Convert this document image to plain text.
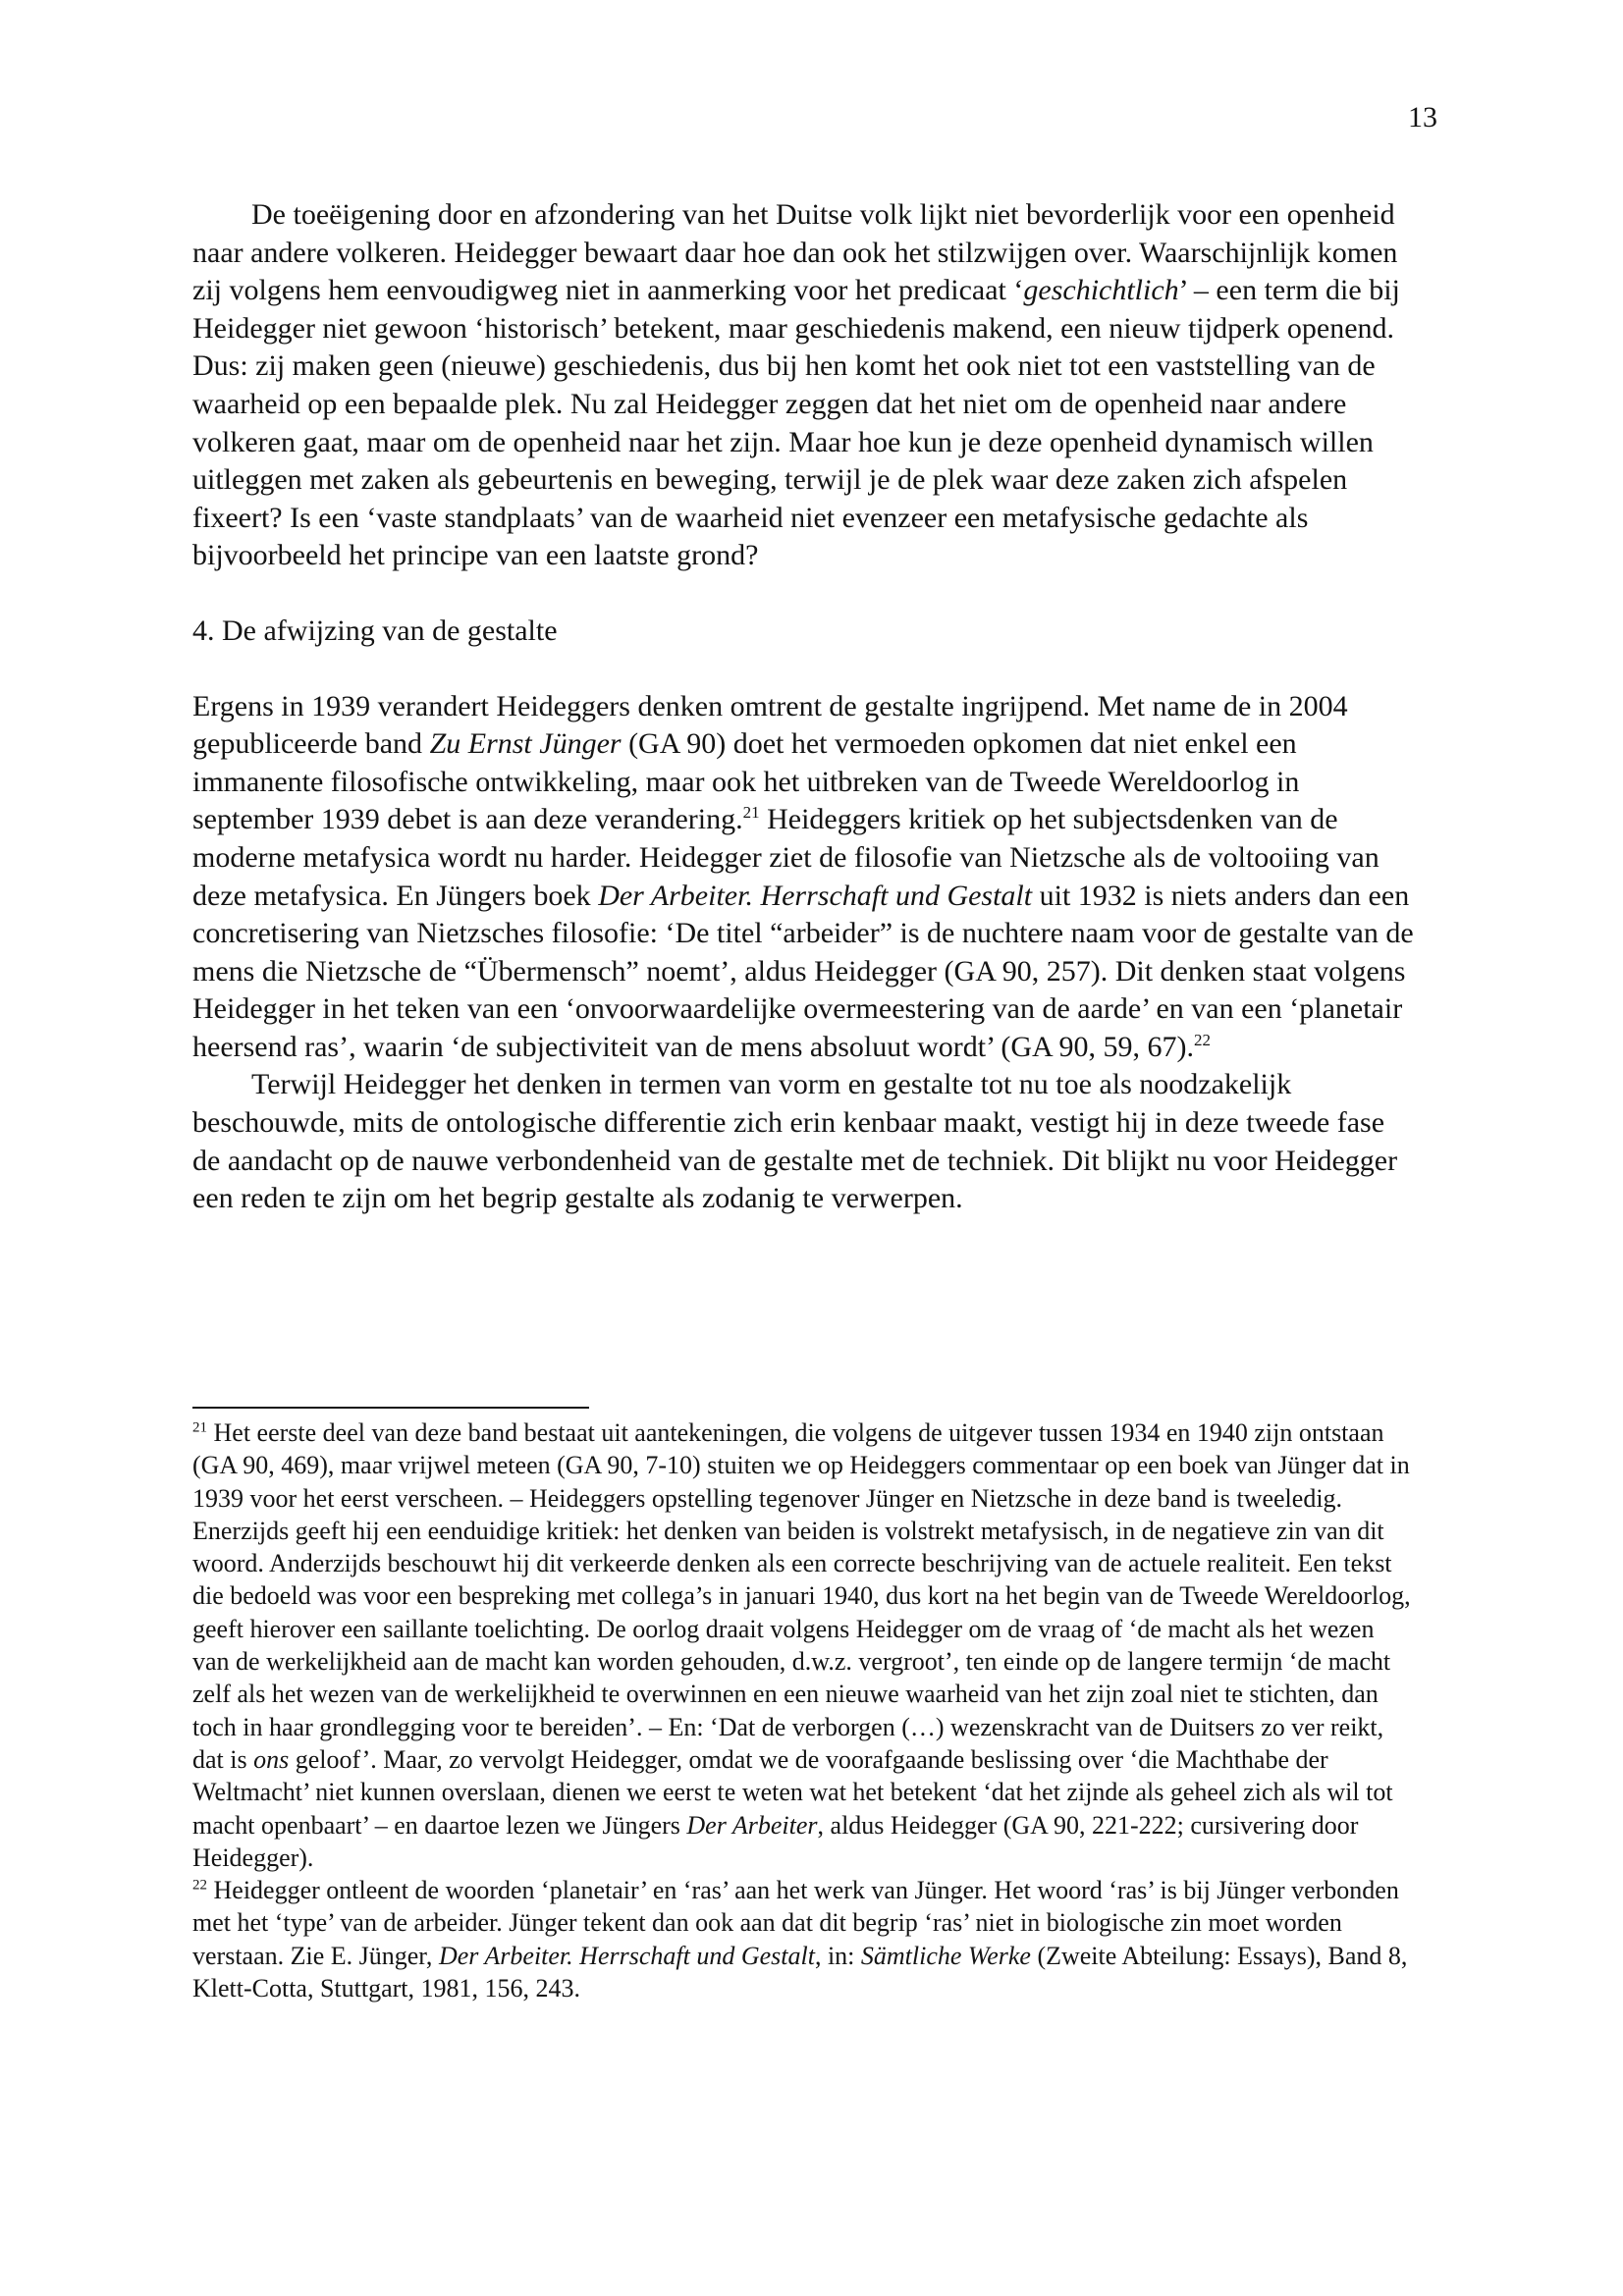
13

De toeëigening door en afzondering van het Duitse volk lijkt niet bevorderlijk voor een openheid naar andere volkeren. Heidegger bewaart daar hoe dan ook het stilzwijgen over. Waarschijnlijk komen zij volgens hem eenvoudigweg niet in aanmerking voor het predicaat ‘geschichtlich’ – een term die bij Heidegger niet gewoon ‘historisch’ betekent, maar geschiedenis makend, een nieuw tijdperk openend. Dus: zij maken geen (nieuwe) geschiedenis, dus bij hen komt het ook niet tot een vaststelling van de waarheid op een bepaalde plek. Nu zal Heidegger zeggen dat het niet om de openheid naar andere volkeren gaat, maar om de openheid naar het zijn. Maar hoe kun je deze openheid dynamisch willen uitleggen met zaken als gebeurtenis en beweging, terwijl je de plek waar deze zaken zich afspelen fixeert? Is een ‘vaste standplaats’ van de waarheid niet evenzeer een metafysische gedachte als bijvoorbeeld het principe van een laatste grond?

4. De afwijzing van de gestalte

Ergens in 1939 verandert Heideggers denken omtrent de gestalte ingrijpend. Met name de in 2004 gepubliceerde band Zu Ernst Jünger (GA 90) doet het vermoeden opkomen dat niet enkel een immanente filosofische ontwikkeling, maar ook het uitbreken van de Tweede Wereldoorlog in september 1939 debet is aan deze verandering.$^{21}$ Heideggers kritiek op het subjectsdenken van de moderne metafysica wordt nu harder. Heidegger ziet de filosofie van Nietzsche als de voltooiing van deze metafysica. En Jüngers boek Der Arbeiter. Herrschaft und Gestalt uit 1932 is niets anders dan een concretisering van Nietzsches filosofie: ‘De titel “arbeider” is de nuchtere naam voor de gestalte van de mens die Nietzsche de “Übermensch” noemt’, aldus Heidegger (GA 90, 257). Dit denken staat volgens Heidegger in het teken van een ‘onvoorwaardelijke overmeestering van de aarde’ en van een ‘planetair heersend ras’, waarin ‘de subjectiviteit van de mens absoluut wordt’ (GA 90, 59, 67).$^{22}$

Terwijl Heidegger het denken in termen van vorm en gestalte tot nu toe als noodzakelijk beschouwde, mits de ontologische differentie zich erin kenbaar maakt, vestigt hij in deze tweede fase de aandacht op de nauwe verbondenheid van de gestalte met de techniek. Dit blijkt nu voor Heidegger een reden te zijn om het begrip gestalte als zodanig te verwerpen.

$^{21}$ Het eerste deel van deze band bestaat uit aantekeningen, die volgens de uitgever tussen 1934 en 1940 zijn ontstaan (GA 90, 469), maar vrijwel meteen (GA 90, 7-10) stuiten we op Heideggers commentaar op een boek van Jünger dat in 1939 voor het eerst verscheen. – Heideggers opstelling tegenover Jünger en Nietzsche in deze band is tweeledig. Enerzijds geeft hij een eenduidige kritiek: het denken van beiden is volstrekt metafysisch, in de negatieve zin van dit woord. Anderzijds beschouwt hij dit verkeerde denken als een correcte beschrijving van de actuele realiteit. Een tekst die bedoeld was voor een bespreking met collega’s in januari 1940, dus kort na het begin van de Tweede Wereldoorlog, geeft hierover een saillante toelichting. De oorlog draait volgens Heidegger om de vraag of ‘de macht als het wezen van de werkelijkheid aan de macht kan worden gehouden, d.w.z. vergroot’, ten einde op de langere termijn ‘de macht zelf als het wezen van de werkelijkheid te overwinnen en een nieuwe waarheid van het zijn zoal niet te stichten, dan toch in haar grondlegging voor te bereiden’. – En: ‘Dat de verborgen (…) wezenskracht van de Duitsers zo ver reikt, dat is ons geloof’. Maar, zo vervolgt Heidegger, omdat we de voorafgaande beslissing over ‘die Machthabe der Weltmacht’ niet kunnen overslaan, dienen we eerst te weten wat het betekent ‘dat het zijnde als geheel zich als wil tot macht openbaart’ – en daartoe lezen we Jüngers Der Arbeiter, aldus Heidegger (GA 90, 221-222; cursivering door Heidegger).

$^{22}$ Heidegger ontleent de woorden ‘planetair’ en ‘ras’ aan het werk van Jünger. Het woord ‘ras’ is bij Jünger verbonden met het ‘type’ van de arbeider. Jünger tekent dan ook aan dat dit begrip ‘ras’ niet in biologische zin moet worden verstaan. Zie E. Jünger, Der Arbeiter. Herrschaft und Gestalt, in: Sämtliche Werke (Zweite Abteilung: Essays), Band 8, Klett-Cotta, Stuttgart, 1981, 156, 243.
